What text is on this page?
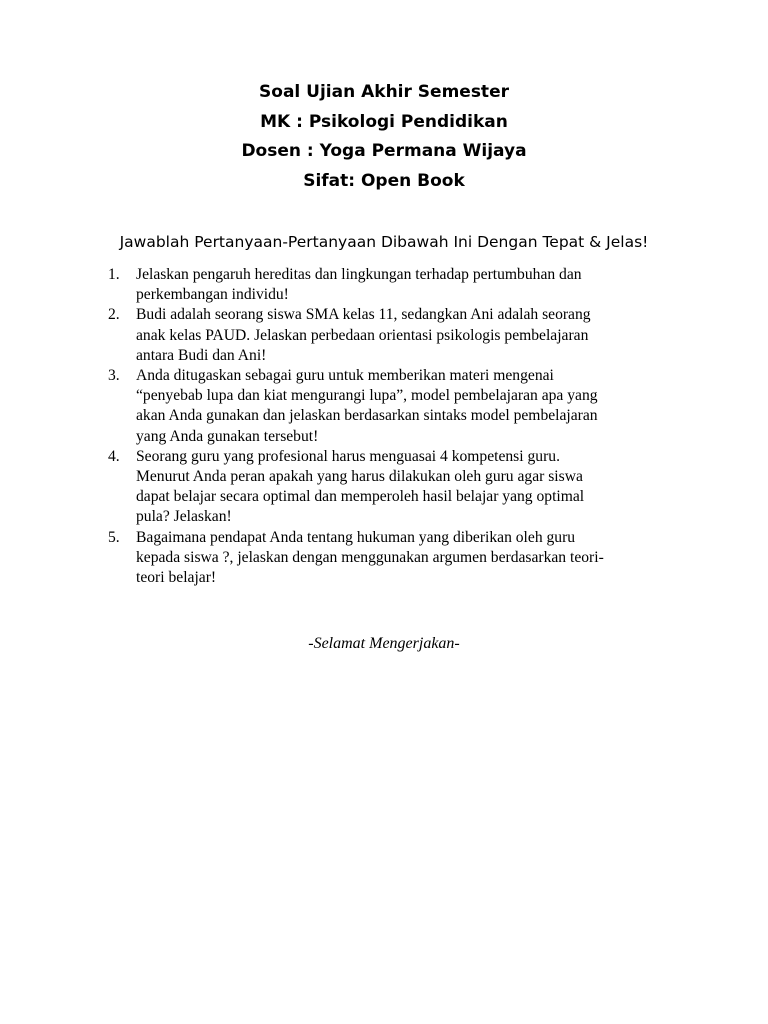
Soal Ujian Akhir Semester
MK : Psikologi Pendidikan
Dosen : Yoga Permana Wijaya
Sifat: Open Book
Jawablah Pertanyaan-Pertanyaan Dibawah Ini Dengan Tepat & Jelas!
1. Jelaskan pengaruh hereditas dan lingkungan terhadap pertumbuhan dan
perkembangan individu!
2. Budi adalah seorang siswa SMA kelas 11, sedangkan Ani adalah seorang
anak kelas PAUD. Jelaskan perbedaan orientasi psikologis pembelajaran
antara Budi dan Ani!
3. Anda ditugaskan sebagai guru untuk memberikan materi mengenai
“penyebab lupa dan kiat mengurangi lupa”, model pembelajaran apa yang
akan Anda gunakan dan jelaskan berdasarkan sintaks model pembelajaran
yang Anda gunakan tersebut!
4. Seorang guru yang profesional harus menguasai 4 kompetensi guru.
Menurut Anda peran apakah yang harus dilakukan oleh guru agar siswa
dapat belajar secara optimal dan memperoleh hasil belajar yang optimal
pula? Jelaskan!
5. Bagaimana pendapat Anda tentang hukuman yang diberikan oleh guru
kepada siswa ?, jelaskan dengan menggunakan argumen berdasarkan teori-
teori belajar!
-Selamat Mengerjakan-
